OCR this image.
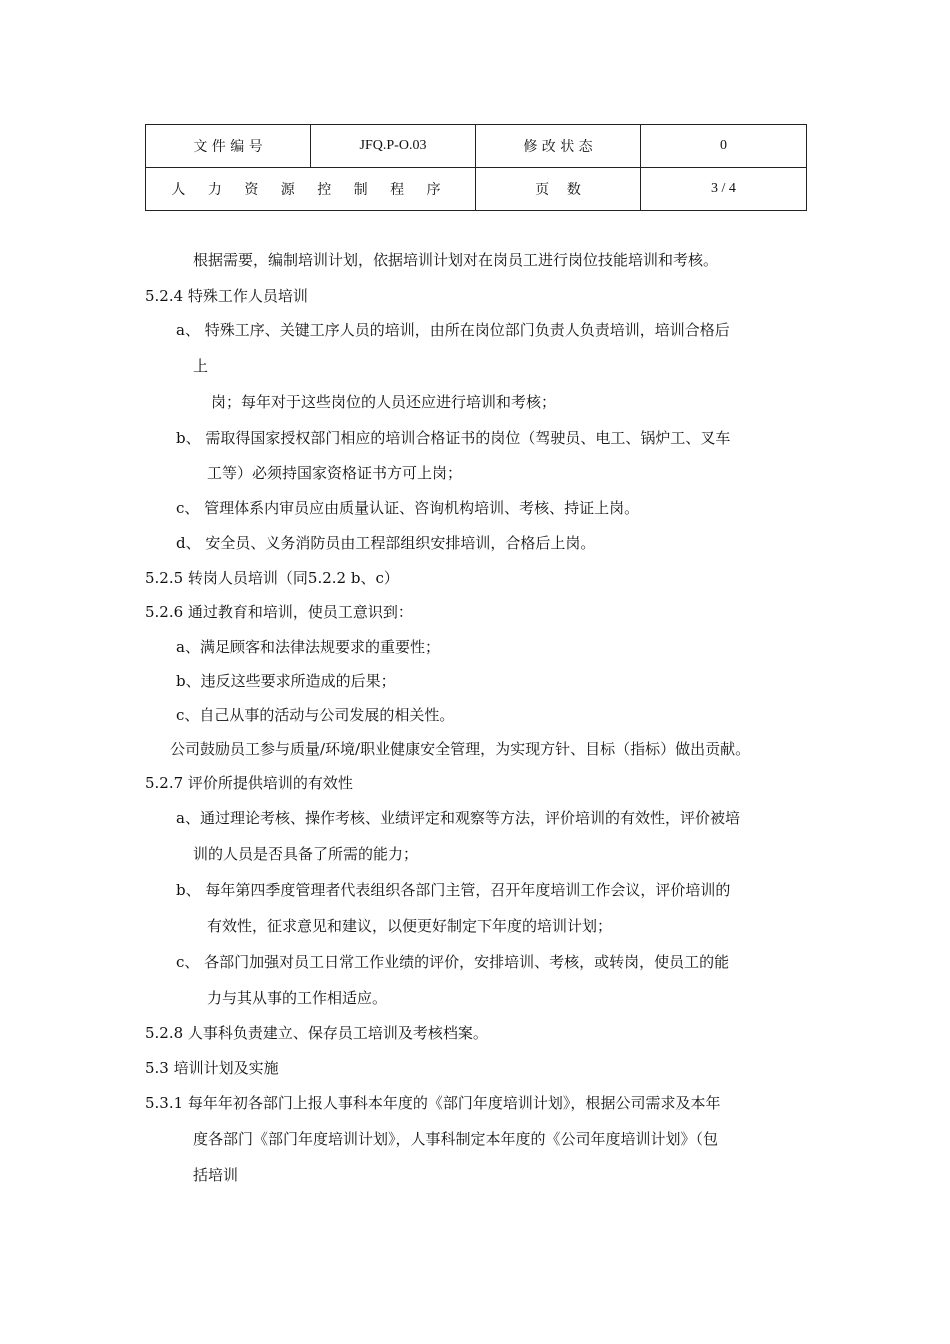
文 件 编 号	JFQ.P-O.03	修 改 状 态	0
人 力 资 源 控 制 程 序		页    数	3 / 4
根据需要，编制培训计划，依据培训计划对在岗员工进行岗位技能培训和考核。
5.2.4 特殊工作人员培训
a、 特殊工序、关键工序人员的培训，由所在岗位部门负责人负责培训，培训合格后
上
岗；每年对于这些岗位的人员还应进行培训和考核；
b、 需取得国家授权部门相应的培训合格证书的岗位（驾驶员、电工、锅炉工、叉车
工等）必须持国家资格证书方可上岗；
c、 管理体系内审员应由质量认证、咨询机构培训、考核、持证上岗。
d、 安全员、义务消防员由工程部组织安排培训，合格后上岗。
5.2.5 转岗人员培训（同5.2.2 b、c）
5.2.6 通过教育和培训，使员工意识到：
a、满足顾客和法律法规要求的重要性；
b、违反这些要求所造成的后果；
c、自己从事的活动与公司发展的相关性。
公司鼓励员工参与质量/环境/职业健康安全管理，为实现方针、目标（指标）做出贡献。
5.2.7 评价所提供培训的有效性
a、通过理论考核、操作考核、业绩评定和观察等方法，评价培训的有效性，评价被培
训的人员是否具备了所需的能力；
b、 每年第四季度管理者代表组织各部门主管，召开年度培训工作会议，评价培训的
有效性，征求意见和建议，以便更好制定下年度的培训计划；
c、 各部门加强对员工日常工作业绩的评价，安排培训、考核，或转岗，使员工的能
力与其从事的工作相适应。
5.2.8 人事科负责建立、保存员工培训及考核档案。
5.3 培训计划及实施
5.3.1 每年年初各部门上报人事科本年度的《部门年度培训计划》，根据公司需求及本年
度各部门《部门年度培训计划》，人事科制定本年度的《公司年度培训计划》（包
括培训
